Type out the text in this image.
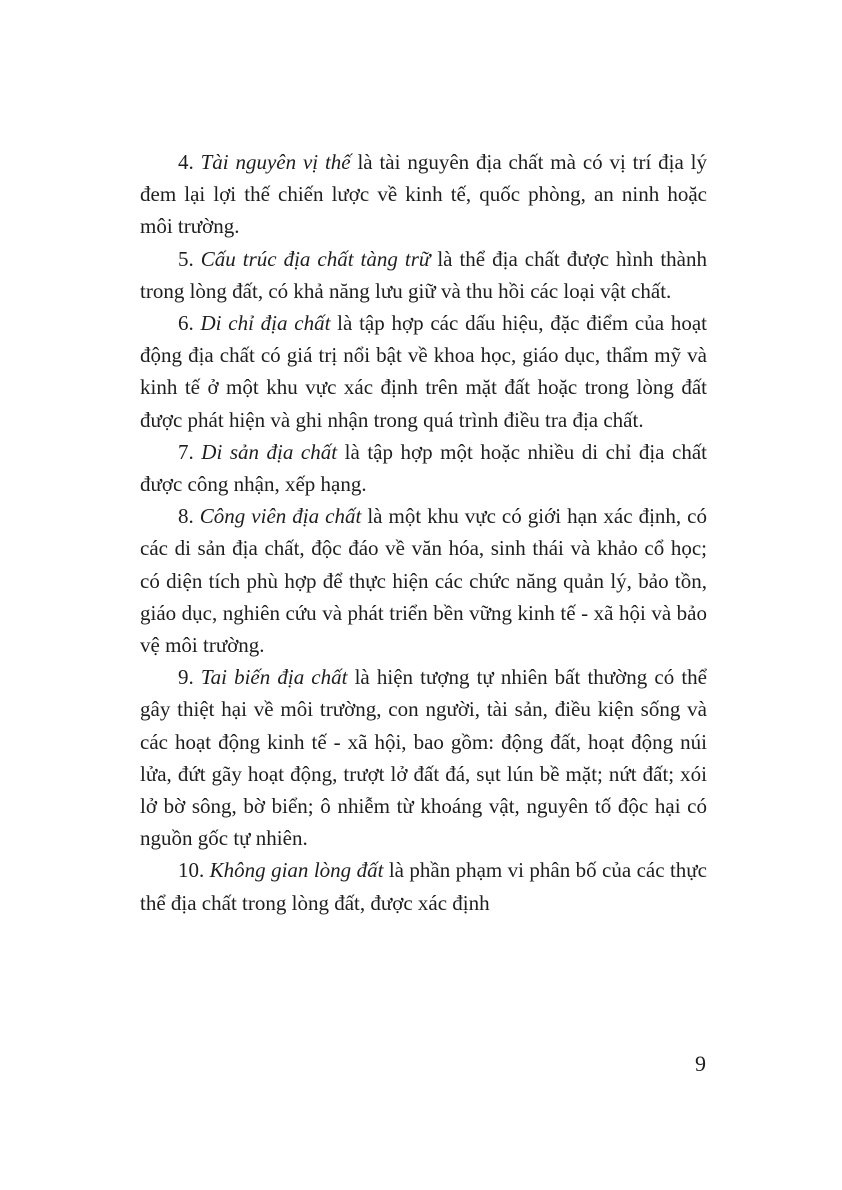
4. Tài nguyên vị thế là tài nguyên địa chất mà có vị trí địa lý đem lại lợi thế chiến lược về kinh tế, quốc phòng, an ninh hoặc môi trường.

5. Cấu trúc địa chất tàng trữ là thể địa chất được hình thành trong lòng đất, có khả năng lưu giữ và thu hồi các loại vật chất.

6. Di chỉ địa chất là tập hợp các dấu hiệu, đặc điểm của hoạt động địa chất có giá trị nổi bật về khoa học, giáo dục, thẩm mỹ và kinh tế ở một khu vực xác định trên mặt đất hoặc trong lòng đất được phát hiện và ghi nhận trong quá trình điều tra địa chất.

7. Di sản địa chất là tập hợp một hoặc nhiều di chỉ địa chất được công nhận, xếp hạng.

8. Công viên địa chất là một khu vực có giới hạn xác định, có các di sản địa chất, độc đáo về văn hóa, sinh thái và khảo cổ học; có diện tích phù hợp để thực hiện các chức năng quản lý, bảo tồn, giáo dục, nghiên cứu và phát triển bền vững kinh tế - xã hội và bảo vệ môi trường.

9. Tai biến địa chất là hiện tượng tự nhiên bất thường có thể gây thiệt hại về môi trường, con người, tài sản, điều kiện sống và các hoạt động kinh tế - xã hội, bao gồm: động đất, hoạt động núi lửa, đứt gãy hoạt động, trượt lở đất đá, sụt lún bề mặt; nứt đất; xói lở bờ sông, bờ biển; ô nhiễm từ khoáng vật, nguyên tố độc hại có nguồn gốc tự nhiên.

10. Không gian lòng đất là phần phạm vi phân bố của các thực thể địa chất trong lòng đất, được xác định

9
